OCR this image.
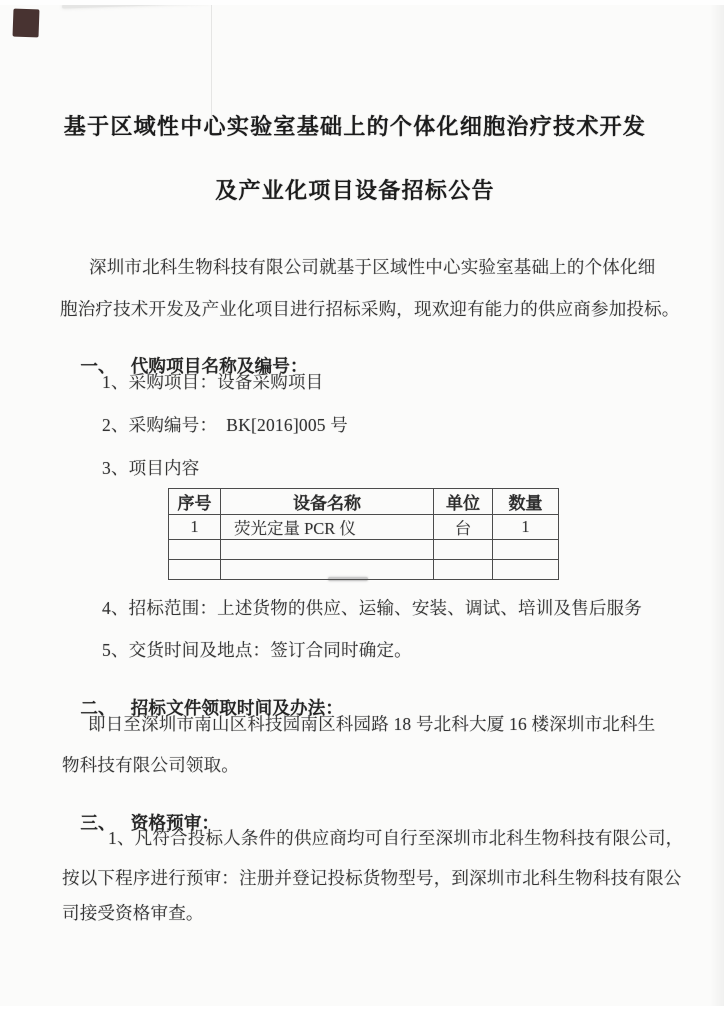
基于区域性中心实验室基础上的个体化细胞治疗技术开发
及产业化项目设备招标公告
深圳市北科生物科技有限公司就基于区域性中心实验室基础上的个体化细
胞治疗技术开发及产业化项目进行招标采购，现欢迎有能力的供应商参加投标。

一、 代购项目名称及编号：

1、采购项目：设备采购项目
2、采购编号：  BK[2016]005 号
3、项目内容
序号	设备名称	单位	数量
1	荧光定量 PCR 仪	台	1

4、招标范围：上述货物的供应、运输、安装、调试、培训及售后服务
5、交货时间及地点：签订合同时确定。

二、 招标文件领取时间及办法：

即日至深圳市南山区科技园南区科园路 18 号北科大厦 16 楼深圳市北科生
物科技有限公司领取。

三、 资格预审：

1、凡符合投标人条件的供应商均可自行至深圳市北科生物科技有限公司，
按以下程序进行预审：注册并登记投标货物型号，到深圳市北科生物科技有限公
司接受资格审查。
